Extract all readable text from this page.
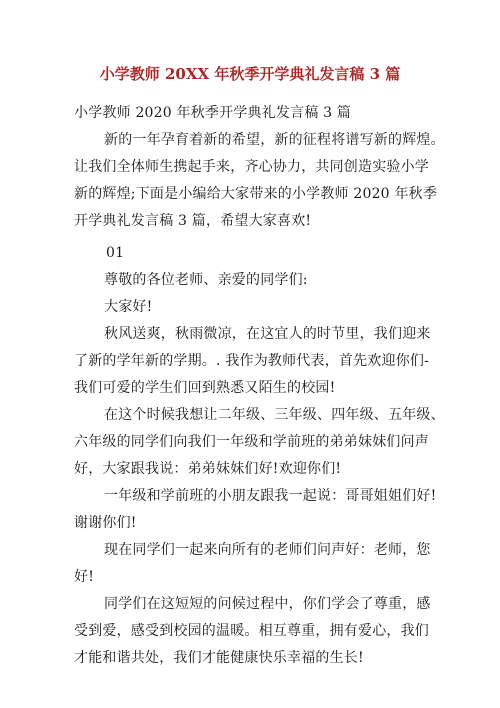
小学教师 20XX 年秋季开学典礼发言稿 3 篇
小学教师 2020 年秋季开学典礼发言稿 3 篇
新的一年孕育着新的希望，新的征程将谱写新的辉煌。
让我们全体师生携起手来，齐心协力，共同创造实验小学
新的辉煌;下面是小编给大家带来的小学教师 2020 年秋季
开学典礼发言稿 3 篇，希望大家喜欢!
01
尊敬的各位老师、亲爱的同学们:
大家好!
秋风送爽，秋雨微凉，在这宜人的时节里，我们迎来
了新的学年新的学期。. 我作为教师代表，首先欢迎你们-
我们可爱的学生们回到熟悉又陌生的校园!
在这个时候我想让二年级、三年级、四年级、五年级、
六年级的同学们向我们一年级和学前班的弟弟妹妹们问声
好，大家跟我说：弟弟妹妹们好!欢迎你们!
一年级和学前班的小朋友跟我一起说：哥哥姐姐们好!
谢谢你们!
现在同学们一起来向所有的老师们问声好：老师，您
好!
同学们在这短短的问候过程中，你们学会了尊重，感
受到爱，感受到校园的温暖。相互尊重，拥有爱心，我们
才能和谐共处，我们才能健康快乐幸福的生长!
